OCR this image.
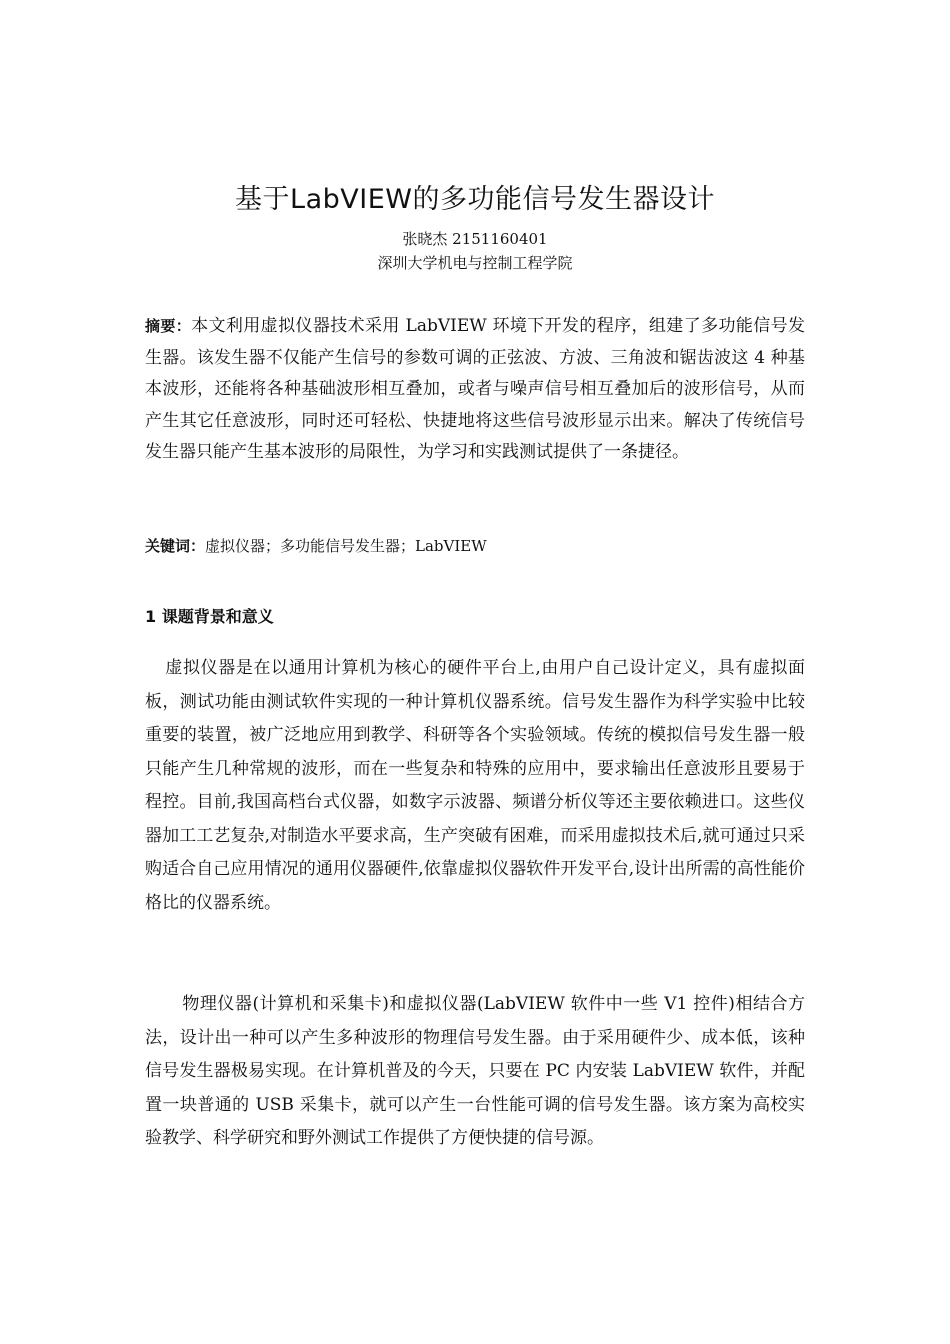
基于LabVIEW的多功能信号发生器设计
张晓杰 2151160401
深圳大学机电与控制工程学院

摘要：本文利用虚拟仪器技术采用 LabVIEW 环境下开发的程序，组建了多功能信号发生器。该发生器不仅能产生信号的参数可调的正弦波、方波、三角波和锯齿波这 4 种基本波形，还能将各种基础波形相互叠加，或者与噪声信号相互叠加后的波形信号，从而产生其它任意波形，同时还可轻松、快捷地将这些信号波形显示出来。解决了传统信号发生器只能产生基本波形的局限性，为学习和实践测试提供了一条捷径。

关键词：虚拟仪器；多功能信号发生器；LabVIEW

1 课题背景和意义

虚拟仪器是在以通用计算机为核心的硬件平台上,由用户自己设计定义，具有虚拟面板，测试功能由测试软件实现的一种计算机仪器系统。信号发生器作为科学实验中比较重要的装置，被广泛地应用到教学、科研等各个实验领域。传统的模拟信号发生器一般只能产生几种常规的波形，而在一些复杂和特殊的应用中，要求输出任意波形且要易于程控。目前,我国高档台式仪器，如数字示波器、频谱分析仪等还主要依赖进口。这些仪器加工工艺复杂,对制造水平要求高，生产突破有困难，而采用虚拟技术后,就可通过只采购适合自己应用情况的通用仪器硬件,依靠虚拟仪器软件开发平台,设计出所需的高性能价格比的仪器系统。

物理仪器(计算机和采集卡)和虚拟仪器(LabVIEW 软件中一些 V1 控件)相结合方法，设计出一种可以产生多种波形的物理信号发生器。由于采用硬件少、成本低，该种信号发生器极易实现。在计算机普及的今天，只要在 PC 内安装 LabVIEW 软件，并配置一块普通的 USB 采集卡，就可以产生一台性能可调的信号发生器。该方案为高校实验教学、科学研究和野外测试工作提供了方便快捷的信号源。
